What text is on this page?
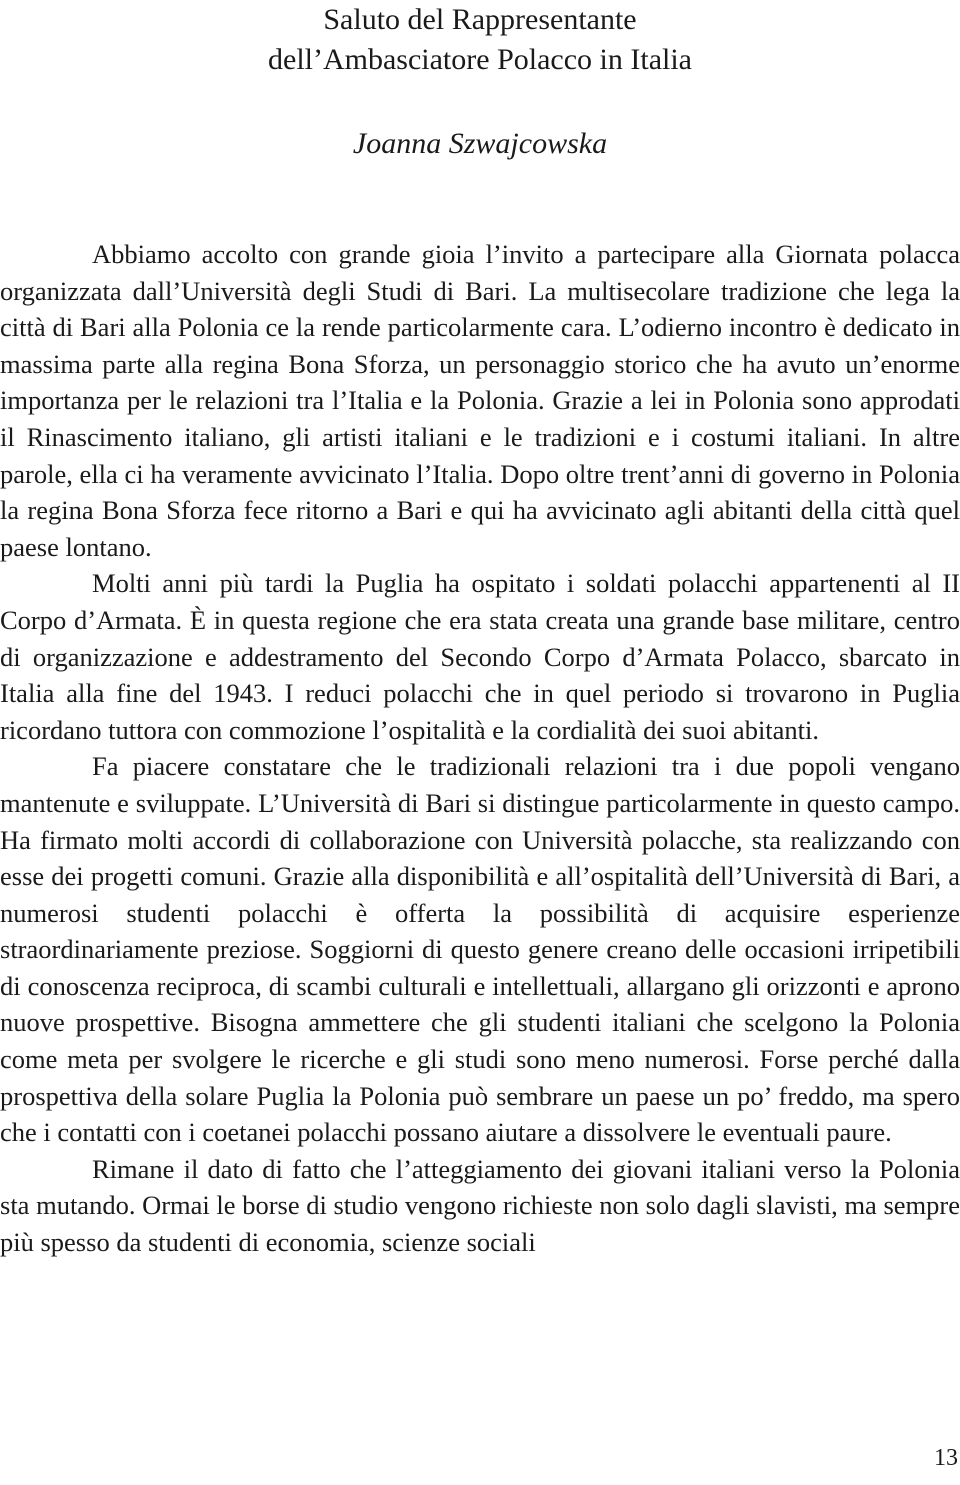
Saluto del Rappresentante
dell’Ambasciatore Polacco in Italia
Joanna Szwajcowska

Abbiamo accolto con grande gioia l’invito a partecipare alla Giornata polacca organizzata dall’Università degli Studi di Bari. La multisecolare tradizione che lega la città di Bari alla Polonia ce la rende particolarmente cara. L’odierno incontro è dedicato in massima parte alla regina Bona Sforza, un personaggio storico che ha avuto un’enorme importanza per le relazioni tra l’Italia e la Polonia. Grazie a lei in Polonia sono approdati il Rinascimento italiano, gli artisti italiani e le tradizioni e i costumi italiani. In altre parole, ella ci ha veramente avvicinato l’Italia. Dopo oltre trent’anni di governo in Polonia la regina Bona Sforza fece ritorno a Bari e qui ha avvicinato agli abitanti della città quel paese lontano.

Molti anni più tardi la Puglia ha ospitato i soldati polacchi appartenenti al II Corpo d’Armata. È in questa regione che era stata creata una grande base militare, centro di organizzazione e addestramento del Secondo Corpo d’Armata Polacco, sbarcato in Italia alla fine del 1943. I reduci polacchi che in quel periodo si trovarono in Puglia ricordano tuttora con commozione l’ospitalità e la cordialità dei suoi abitanti.

Fa piacere constatare che le tradizionali relazioni tra i due popoli vengano mantenute e sviluppate. L’Università di Bari si distingue particolarmente in questo campo. Ha firmato molti accordi di collaborazione con Università polacche, sta realizzando con esse dei progetti comuni. Grazie alla disponibilità e all’ospitalità dell’Università di Bari, a numerosi studenti polacchi è offerta la possibilità di acquisire esperienze straordinariamente preziose. Soggiorni di questo genere creano delle occasioni irripetibili di conoscenza reciproca, di scambi culturali e intellettuali, allargano gli orizzonti e aprono nuove prospettive. Bisogna ammettere che gli studenti italiani che scelgono la Polonia come meta per svolgere le ricerche e gli studi sono meno numerosi. Forse perché dalla prospettiva della solare Puglia la Polonia può sembrare un paese un po’ freddo, ma spero che i contatti con i coetanei polacchi possano aiutare a dissolvere le eventuali paure.

Rimane il dato di fatto che l’atteggiamento dei giovani italiani verso la Polonia sta mutando. Ormai le borse di studio vengono richieste non solo dagli slavisti, ma sempre più spesso da studenti di economia, scienze sociali

13
